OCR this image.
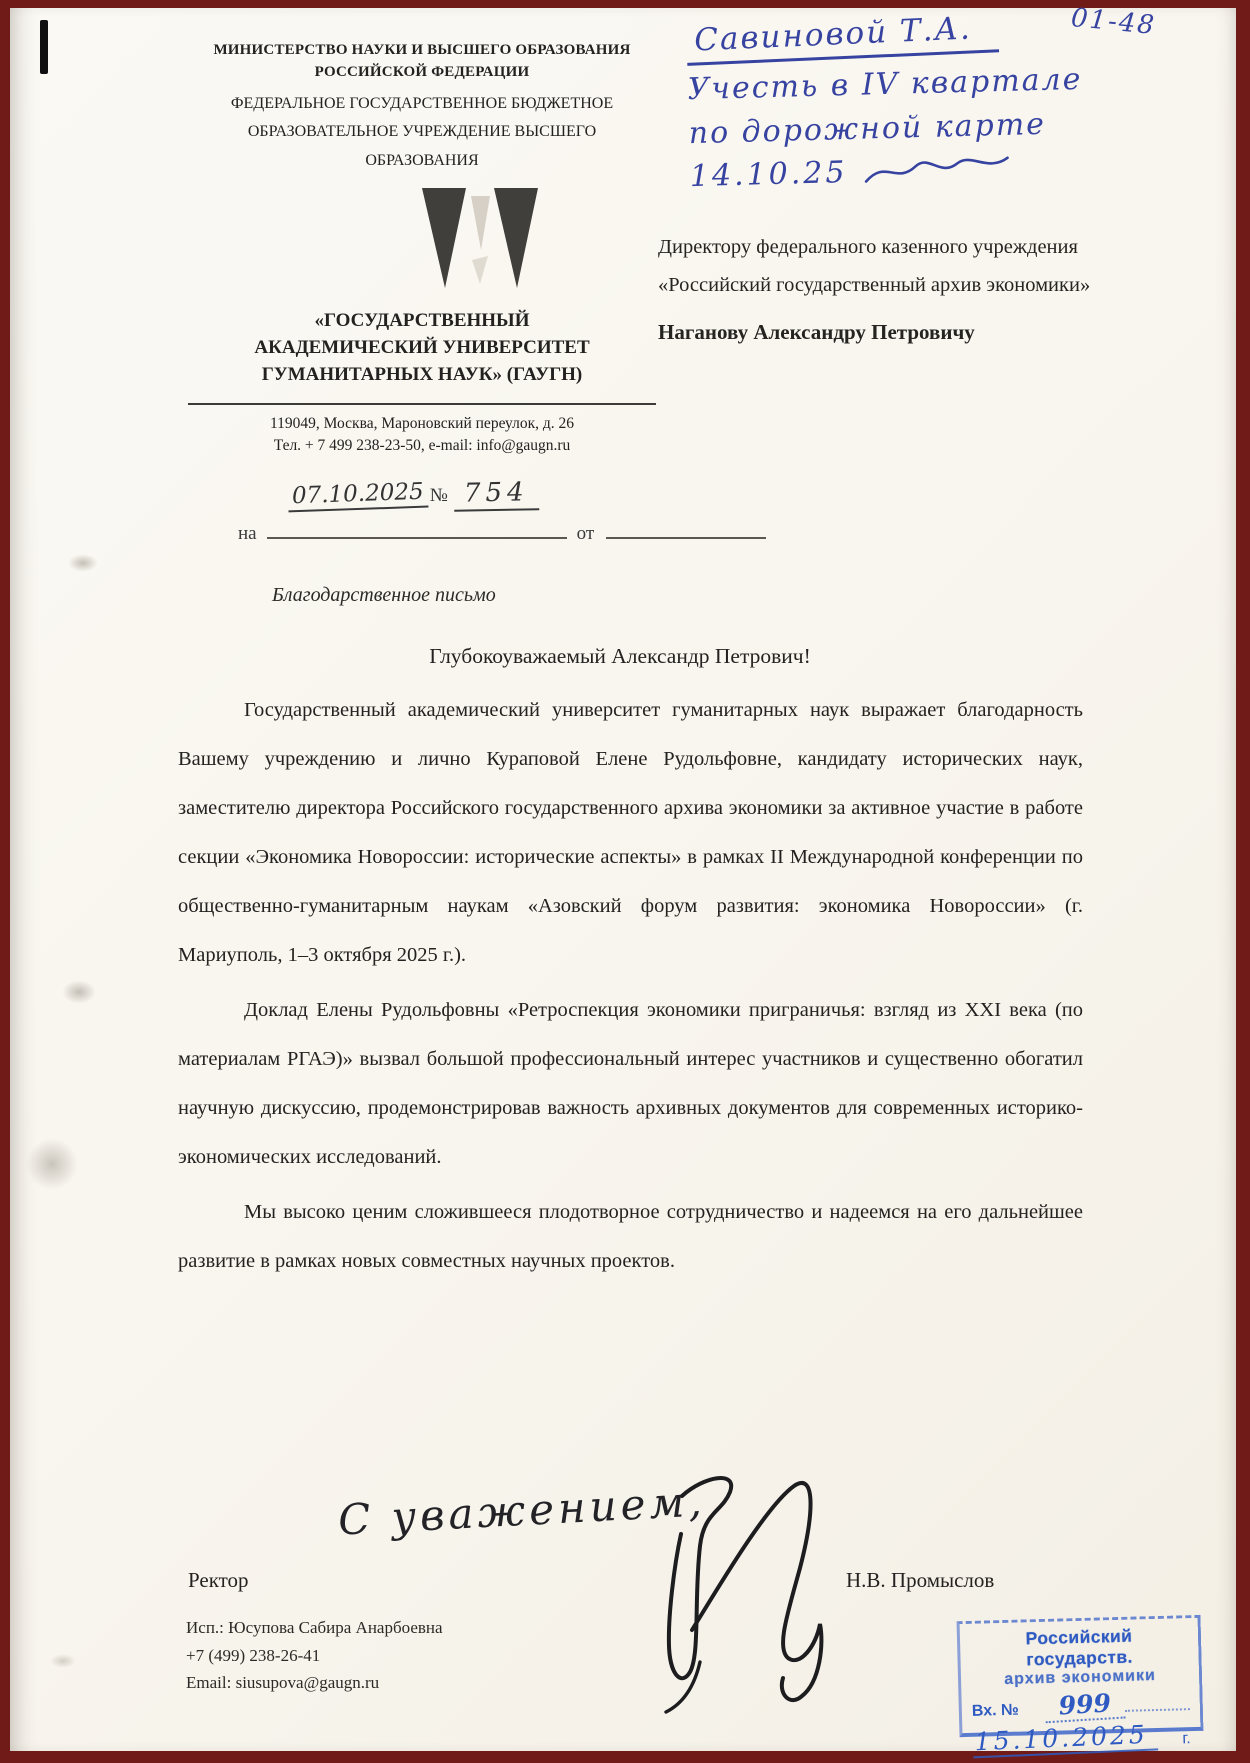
Савиновой Т.А.	01-48
Учесть в IV квартале
по дорожной карте
14.10.25
МИНИСТЕРСТВО НАУКИ И ВЫСШЕГО ОБРАЗОВАНИЯ РОССИЙСКОЙ ФЕДЕРАЦИИ
ФЕДЕРАЛЬНОЕ ГОСУДАРСТВЕННОЕ БЮДЖЕТНОЕ ОБРАЗОВАТЕЛЬНОЕ УЧРЕЖДЕНИЕ ВЫСШЕГО ОБРАЗОВАНИЯ
«ГОСУДАРСТВЕННЫЙ АКАДЕМИЧЕСКИЙ УНИВЕРСИТЕТ ГУМАНИТАРНЫХ НАУК» (ГАУГН)
119049, Москва, Мароновский переулок, д. 26
Тел. + 7 499 238-23-50, e-mail: info@gaugn.ru
07.10.2025 № 754
на	от
Директору федерального казенного учреждения «Российский государственный архив экономики»
Наганову Александру Петровичу
Благодарственное письмо
Глубокоуважаемый Александр Петрович!

Государственный академический университет гуманитарных наук выражает благодарность Вашему учреждению и лично Кураповой Елене Рудольфовне, кандидату исторических наук, заместителю директора Российского государственного архива экономики за активное участие в работе секции «Экономика Новороссии: исторические аспекты» в рамках II Международной конференции по общественно-гуманитарным наукам «Азовский форум развития: экономика Новороссии» (г. Мариуполь, 1–3 октября 2025 г.).

Доклад Елены Рудольфовны «Ретроспекция экономики приграничья: взгляд из XXI века (по материалам РГАЭ)» вызвал большой профессиональный интерес участников и существенно обогатил научную дискуссию, продемонстрировав важность архивных документов для современных историко-экономических исследований.

Мы высоко ценим сложившееся плодотворное сотрудничество и надеемся на его дальнейшее развитие в рамках новых совместных научных проектов.

С уважением,
Ректор	Н.В. Промыслов
Исп.: Юсупова Сабира Анарбоевна
+7 (499) 238-26-41
Email: siusupova@gaugn.ru
Российский государств.
архив экономики
Вх. №	999
15.10.2025	г.
